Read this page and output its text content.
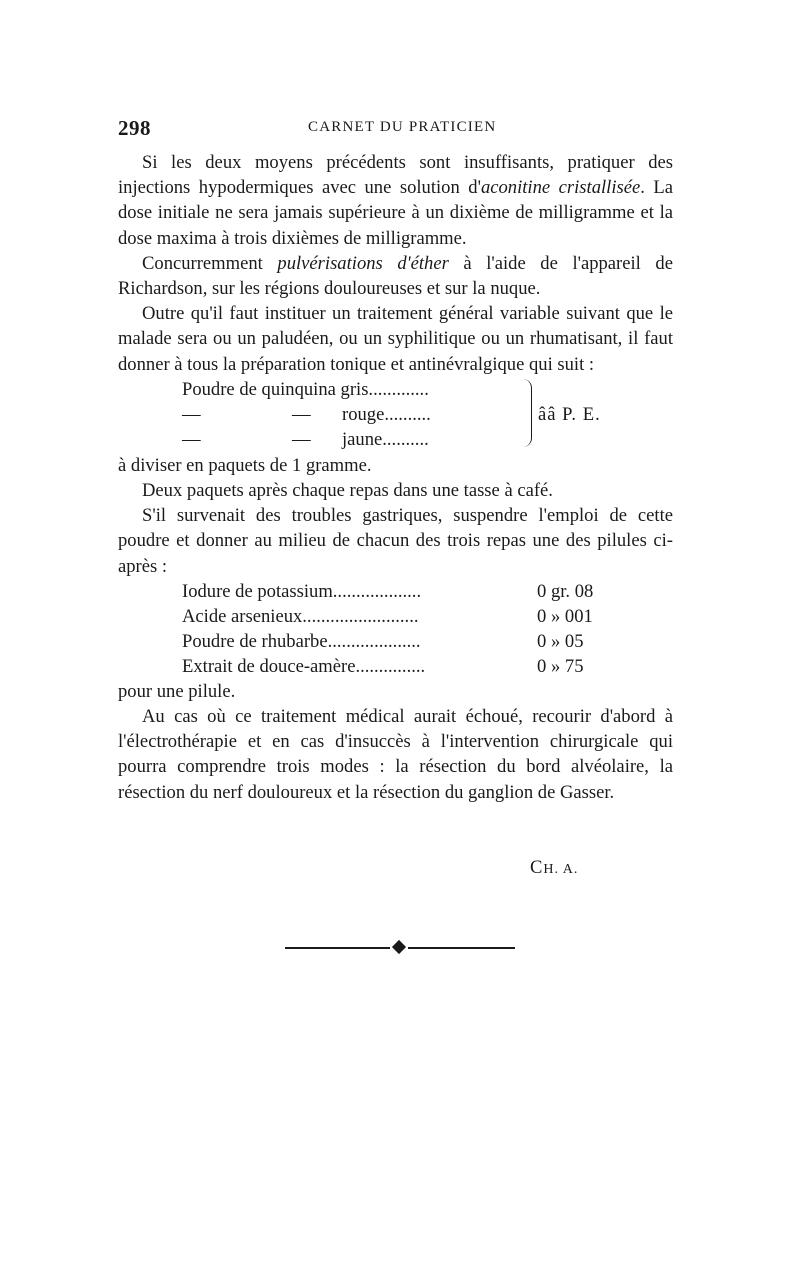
298	CARNET DU PRATICIEN

Si les deux moyens précédents sont insuffisants, pratiquer des injections hypodermiques avec une solution d'aconitine cristallisée. La dose initiale ne sera jamais supérieure à un dixième de milligramme et la dose maxima à trois dixièmes de milligramme.

Concurremment pulvérisations d'éther à l'aide de l'appareil de Richardson, sur les régions douloureuses et sur la nuque.

Outre qu'il faut instituer un traitement général variable suivant que le malade sera ou un paludéen, ou un syphilitique ou un rhumatisant, il faut donner à tous la préparation tonique et antinévralgique qui suit :

Poudre de quinquina gris.............
—	— rouge..........
—	— jaune..........
ââ P. E.

à diviser en paquets de 1 gramme.

Deux paquets après chaque repas dans une tasse à café.

S'il survenait des troubles gastriques, suspendre l'emploi de cette poudre et donner au milieu de chacun des trois repas une des pilules ci-après :

Iodure de potassium...................	0 gr. 08
Acide arsenieux.........................	0 » 001
Poudre de rhubarbe....................	0 » 05
Extrait de douce-amère...............	0 » 75

pour une pilule.

Au cas où ce traitement médical aurait échoué, recourir d'abord à l'électrothérapie et en cas d'insuccès à l'intervention chirurgicale qui pourra comprendre trois modes : la résection du bord alvéolaire, la résection du nerf douloureux et la résection du ganglion de Gasser.

CH. A.
